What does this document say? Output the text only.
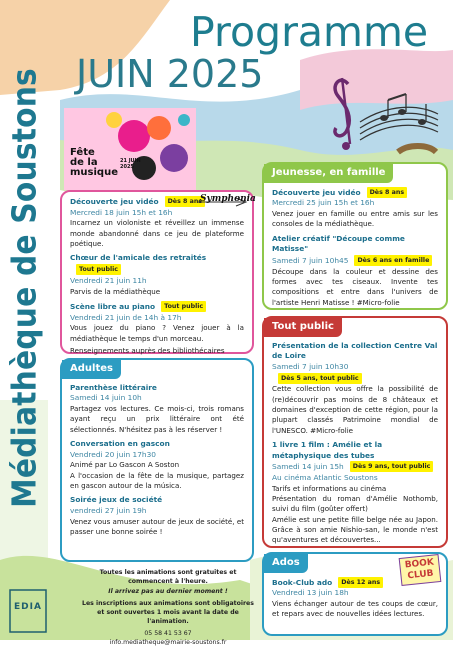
Médiathèque de Soustons
Programme
JUIN 2025
Fête
de la
musique
21 JUIN 2025
Découverte jeu vidéo Dès 8 ans
Mercredi 18 juin 15h et 16h
Incarnez un violoniste et réveillez un immense monde abandonné dans ce jeu de plateforme poétique.
Chœur de l'amicale des retraitésTout public
Vendredi 21 juin 11h
Parvis de la médiathèque
Scène libre au piano Tout public
Vendredi 21 juin de 14h à 17h
Vous jouez du piano ? Venez jouer à la médiathèque le temps d'un morceau.
Renseignements auprès des bibliothécaires
Symphonia
Adultes
Parenthèse littéraire
Samedi 14 juin 10h
Partagez vos lectures. Ce mois-ci, trois romans ayant reçu un prix littéraire ont été sélectionnés. N'hésitez pas à les réserver !
Conversation en gascon
Vendredi 20 juin 17h30
Animé par Lo Gascon A Soston
A l'occasion de la fête de la musique, partagez en gascon autour de la música.
Soirée jeux de société
vendredi 27 juin 19h
Venez vous amuser autour de jeux de société, et passer une bonne soirée !
Jeunesse, en famille
Découverte jeu vidéo Dès 8 ans
Mercredi 25 juin 15h et 16h
Venez jouer en famille ou entre amis sur les consoles de la médiathèque.
Atelier créatif "Découpe comme Matisse"
Samedi 7 juin 10h45 Dès 6 ans en famille
Découpe dans la couleur et dessine des formes avec tes ciseaux. Invente tes compositions et entre dans l'univers de l'artiste Henri Matisse ! #Micro-folie
Tout public
Présentation de la collection Centre Val de Loire
Samedi 7 juin 10h30Dès 5 ans, tout public
Cette collection vous offre la possibilité de (re)découvrir pas moins de 8 châteaux et domaines d'exception de cette région, pour la plupart classés Patrimoine mondial de l'UNESCO. #Micro-folie
1 livre 1 film : Amélie et la métaphysique des tubes
Samedi 14 juin 15h Dès 9 ans, tout public
Au cinéma Atlantic Soustons
Tarifs et informations au cinéma
Présentation du roman d'Amélie Nothomb, suivi du film (goûter offert)
Amélie est une petite fille belge née au Japon. Grâce à son amie Nishio-san, le monde n'est qu'aventures et découvertes...
Ados
Book-Club ado Dès 12 ans
Vendredi 13 juin 18h
Viens échanger autour de tes coups de cœur, et repars avec de nouvelles idées lectures.
BOOK CLUB
Toutes les animations sont gratuites et commencent à l'heure.
Il arrivez pas au dernier moment !
Les inscriptions aux animations sont obligatoires
et sont ouvertes 1 mois avant la date de l'animation.
05 58 41 53 67
info.mediatheque@mairie-soustons.fr
EDIA
